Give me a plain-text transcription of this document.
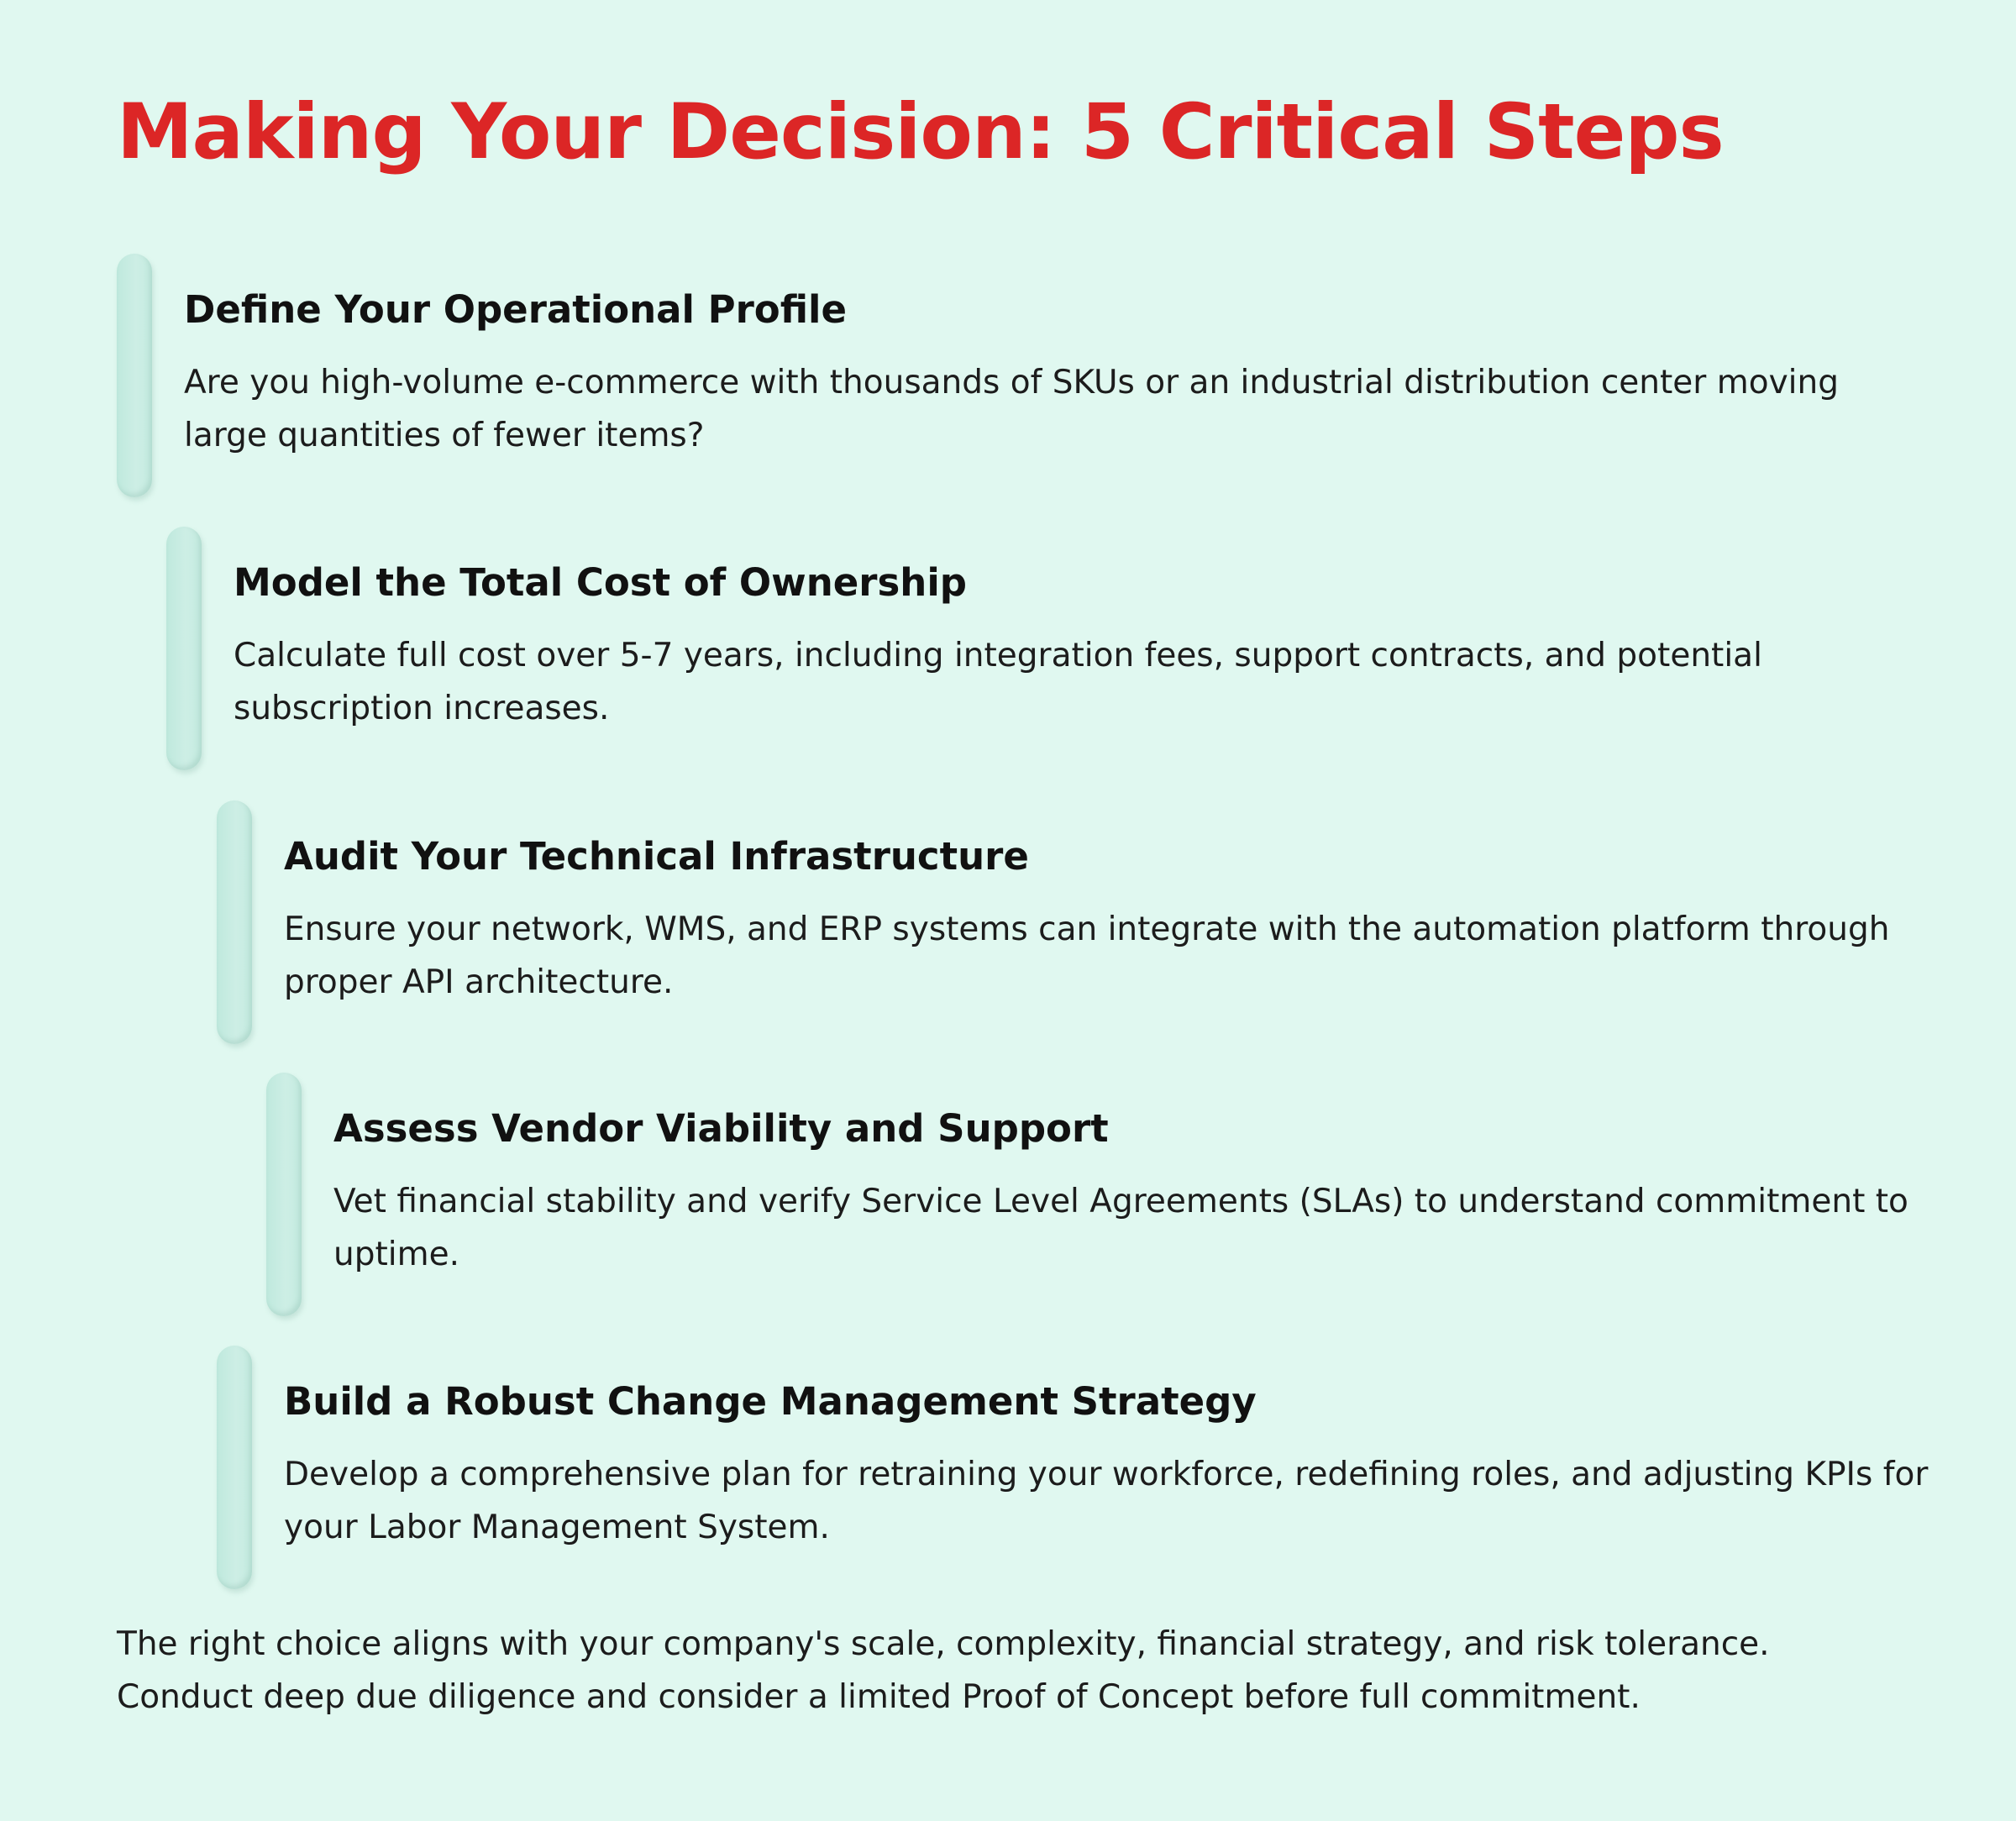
Making Your Decision: 5 Critical Steps
Define Your Operational Profile

Are you high-volume e-commerce with thousands of SKUs or an industrial distribution center moving large quantities of fewer items?

Model the Total Cost of Ownership

Calculate full cost over 5-7 years, including integration fees, support contracts, and potential subscription increases.

Audit Your Technical Infrastructure

Ensure your network, WMS, and ERP systems can integrate with the automation platform through proper API architecture.

Assess Vendor Viability and Support

Vet financial stability and verify Service Level Agreements (SLAs) to understand commitment to uptime.

Build a Robust Change Management Strategy

Develop a comprehensive plan for retraining your workforce, redefining roles, and adjusting KPIs for your Labor Management System.

The right choice aligns with your company's scale, complexity, financial strategy, and risk tolerance. Conduct deep due diligence and consider a limited Proof of Concept before full commitment.
